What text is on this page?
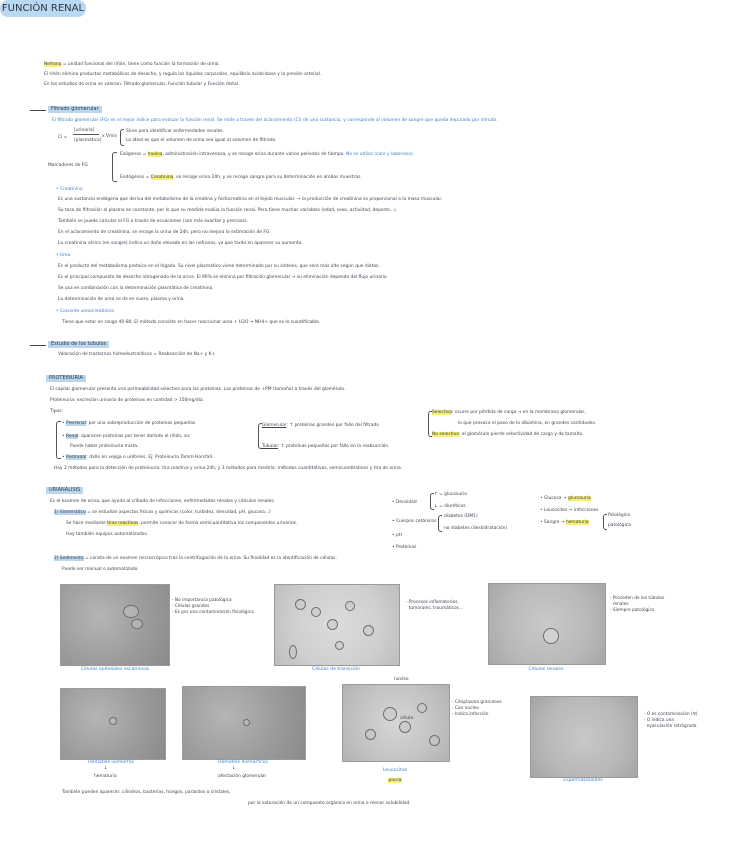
FUNCIÓN RENAL
Nefrona = unidad funcional del riñón, tiene como función la formación de orina.
El riñón elimina productos metabólicos de desecho, y regula los líquidos corporales, equilibrio ácido-base y la presión arterial.
En los estudios de orina se valoran: Filtrado glomerular, Función tubular y Función distal.
Filtrado glomerular
El filtrado glomerular (FG) es el mejor índice para evaluar la función renal. Se mide a través del aclaramiento (Cl) de una sustancia, y corresponde al volumen de sangre que queda depurado por minuto.
Cl =
[urinaria]
[plasmática]
x Vmin
Sirve para identificar enfermedades renales.
Lo ideal es que el volumen de orina sea igual al volumen de filtrado.
Marcadores de FG
Exógenos = Inulina, administración intravenosa, y se recoge orina durante varios periodos de tiempo. No se utiliza (caro y laborioso).
Endógenos = Creatinina, se recoge orina 24h, y se recoge sangre para su determinación en ambas muestras.
• Creatinina
Es una sustancia endógena que deriva del metabolismo de la creatina y fosfocreatina en el tejido muscular. → la producción de creatinina es proporcional a la masa muscular.
Su tasa de filtración al plasma es constante, por lo que su medida evalúa la función renal. Pero tiene muchas variables (edad, sexo, actividad, deporte...).
También se puede calcular el FG a través de ecuaciones (son más exactas y precisas).
En el aclaramiento de creatinina, se recoge la orina de 24h, pero no mejora la estimación de FG.
La creatinina sérica (en sangre) indica un daño elevado en las nefronas, ya que tarda en aparecer su aumento.
• Urea
Es el producto del metabolismo proteico en el hígado. Su nivel plasmático viene determinado por su síntesis, que será más alto según que dietas.
Es el principal compuesto de desecho nitrogenado de la orina. El 90% se elimina por filtración glomerular → su eliminación depende del flujo urinario.
Se usa en combinación con la determinación plasmática de creatinina.
La determinación de urea se da en suero, plasma y orina.
• Cociente urea/creatinina
Tiene que estar en rango 40-80. El método consiste en hacer reaccionar urea + H2O → NH4+ que es lo cuantificable.
Estudio de los túbulos
Valoración de trastornos hidroelectrolíticos = Reabsorción de Na+ y K+
PROTEINURIA
El capilar glomerular presenta una permeabilidad selectiva para las proteínas. Las proteínas de +PM (tamaño) a través del glomérulo.
Proteinuria: excreción urinaria de proteínas en cantidad > 150mg/día.
Tipos:
• Prerrenal: por una sobreproducción de proteínas pequeñas
• Renal: aparecen proteínas por tener dañado el riñón, su:
Puede haber proteinuria mixta.
• Postrenal: daño en vejiga o uréteres. Ej: Proteinuria Tamm-Horsfall.
Glomerular: ↑ proteínas grandes por fallo del filtrado
Tubular: ↑ proteínas pequeñas por fallo en la reabsorción.
Selectiva: ocurre por pérdida de carga → en la membrana glomerular,
lo que provoca el paso de la albúmina, en grandes cantidades.
No selectiva: el glomérulo pierde selectividad de carga y de tamaño.
Hay 2 métodos para la detección de proteinuria: tira reactiva y orina 24h, y 3 métodos para medirla: métodos cuantitativos, semicuantitativos y tira de orina.
URIANÁLISIS
Es el examen de orina, que ayuda al cribado de infecciones, enfermedades renales y cálculos renales.
1) Sistemático = se estudian aspectos físicos y químicos (color, turbidez, densidad, pH, glucosa...)
Se hace mediante tiras reactivas, permite conocer de forma semicuantitativa los componentes urinarios.
Hay también equipos automatizados.
• Densidad
↑ = glucosuria
↓ = diuréticos
• Cuerpos cetónicos
diabetes (DM1)
no diabetes (deshidratación)
• pH
• Proteínas
• Glucosa → glucosuria
• Leucocitos → infecciones
• Sangre → hematuria
fisiológica
patológica
2) Sedimento = consta de un examen microscópico tras la centrifugación de la orina. Su finalidad es la identificación de células.
Puede ser manual o automatizado.
Células epiteliales escamosas
- No importancia patológica
- Células grandes
- Es por una contaminación fisiológica
Células de transición
- Procesos inflamatorios,
tumorales, traumáticos...
Células renales
- Proceden de los túbulos
renales
- Siempre patológico
Hematíes isomorfos
↓
hematuria
Hematíes dismórficos
↓
afectación glomerular
núcleo
célula
Leucocitos
piuria
- Citoplasma granuloso
- Con núcleo
- Indica infección
Espermatozoides
- O es contaminación (♀)
- O indica una
eyaculación retrógrada
También pueden aparecer: cilindros, bacterias, hongos, parásitos o cristales,
por la saturación de un compuesto orgánico en orina o menor solubilidad.
